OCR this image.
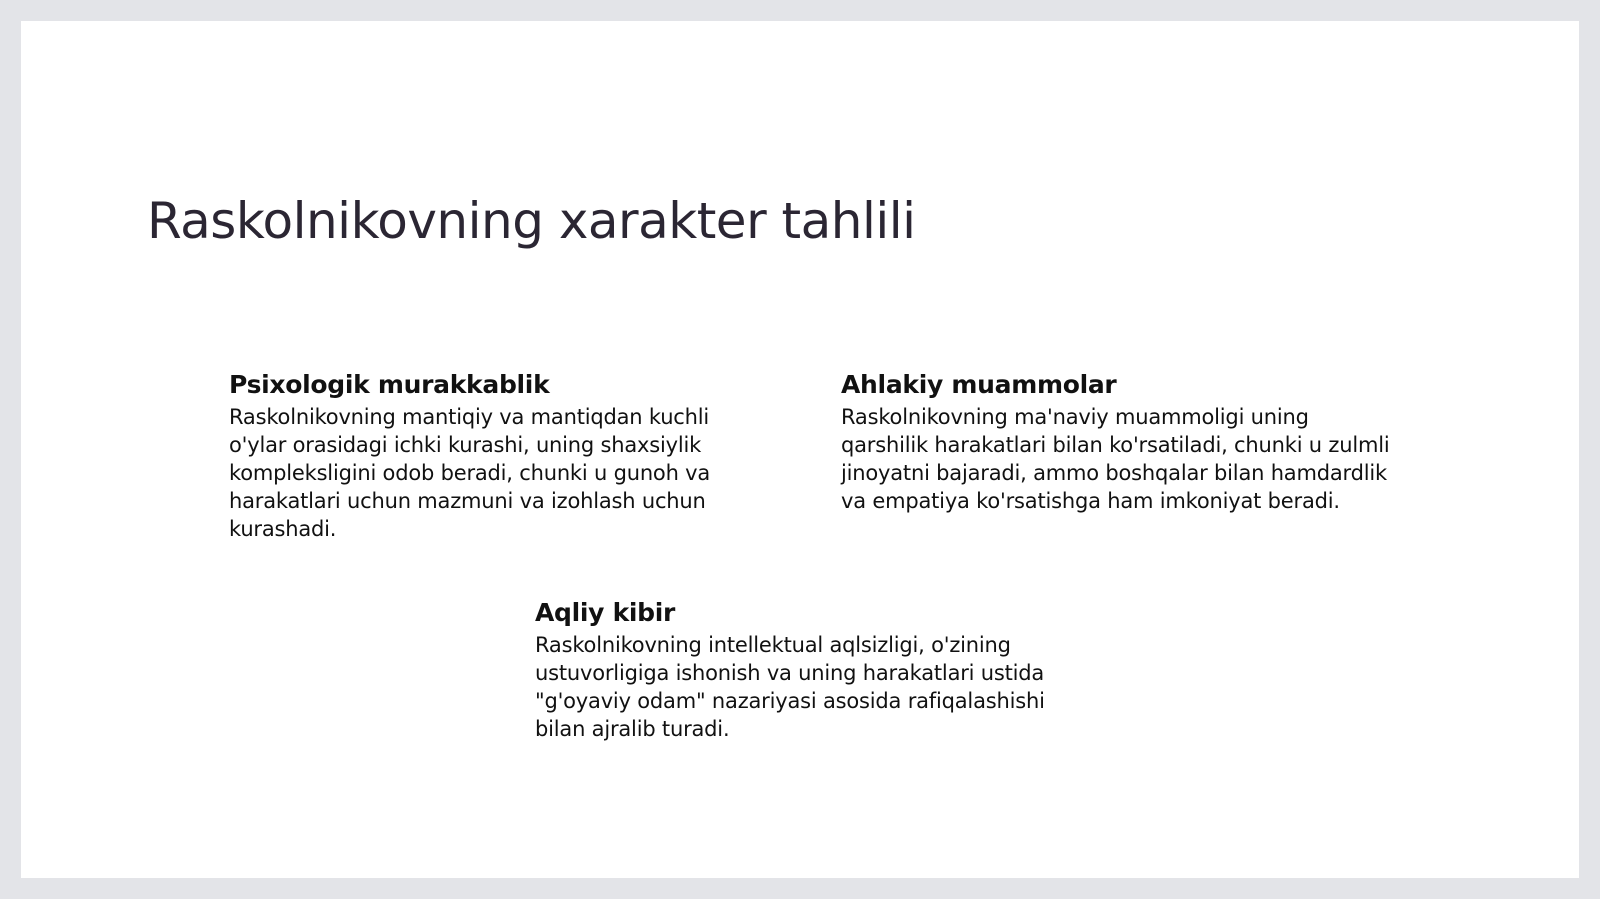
Raskolnikovning xarakter tahlili
Psixologik murakkablik

Raskolnikovning mantiqiy va mantiqdan kuchli o'ylar orasidagi ichki kurashi, uning shaxsiylik kompleksligini odob beradi, chunki u gunoh va harakatlari uchun mazmuni va izohlash uchun kurashadi.

Ahlakiy muammolar

Raskolnikovning ma'naviy muammoligi uning qarshilik harakatlari bilan ko'rsatiladi, chunki u zulmli jinoyatni bajaradi, ammo boshqalar bilan hamdardlik va empatiya ko'rsatishga ham imkoniyat beradi.

Aqliy kibir

Raskolnikovning intellektual aqlsizligi, o'zining ustuvorligiga ishonish va uning harakatlari ustida "g'oyaviy odam" nazariyasi asosida rafiqalashishi bilan ajralib turadi.
